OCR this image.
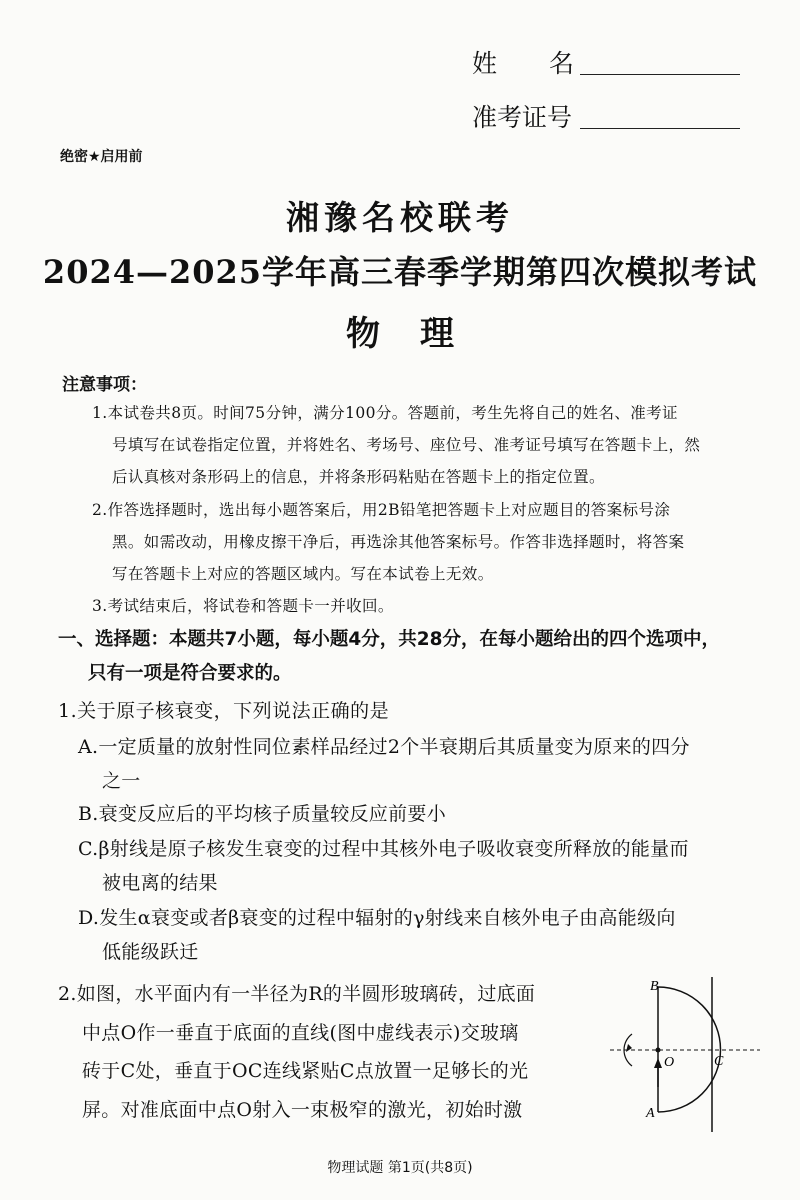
姓名
准考证号
绝密★启用前
湘豫名校联考
2024—2025学年高三春季学期第四次模拟考试
物理
注意事项：
1.本试卷共8页。时间75分钟，满分100分。答题前，考生先将自己的姓名、准考证
号填写在试卷指定位置，并将姓名、考场号、座位号、准考证号填写在答题卡上，然
后认真核对条形码上的信息，并将条形码粘贴在答题卡上的指定位置。
2.作答选择题时，选出每小题答案后，用2B铅笔把答题卡上对应题目的答案标号涂
黑。如需改动，用橡皮擦干净后，再选涂其他答案标号。作答非选择题时，将答案
写在答题卡上对应的答题区域内。写在本试卷上无效。
3.考试结束后，将试卷和答题卡一并收回。
一、选择题：本题共7小题，每小题4分，共28分，在每小题给出的四个选项中，
只有一项是符合要求的。
1.关于原子核衰变，下列说法正确的是
A.一定质量的放射性同位素样品经过2个半衰期后其质量变为原来的四分
之一
B.衰变反应后的平均核子质量较反应前要小
C.β射线是原子核发生衰变的过程中其核外电子吸收衰变所释放的能量而
被电离的结果
D.发生α衰变或者β衰变的过程中辐射的γ射线来自核外电子由高能级向
低能级跃迁
2.如图，水平面内有一半径为R的半圆形玻璃砖，过底面
中点O作一垂直于底面的直线(图中虚线表示)交玻璃
砖于C处，垂直于OC连线紧贴C点放置一足够长的光
屏。对准底面中点O射入一束极窄的激光，初始时激
B
A
O	C
物理试题 第1页(共8页)
